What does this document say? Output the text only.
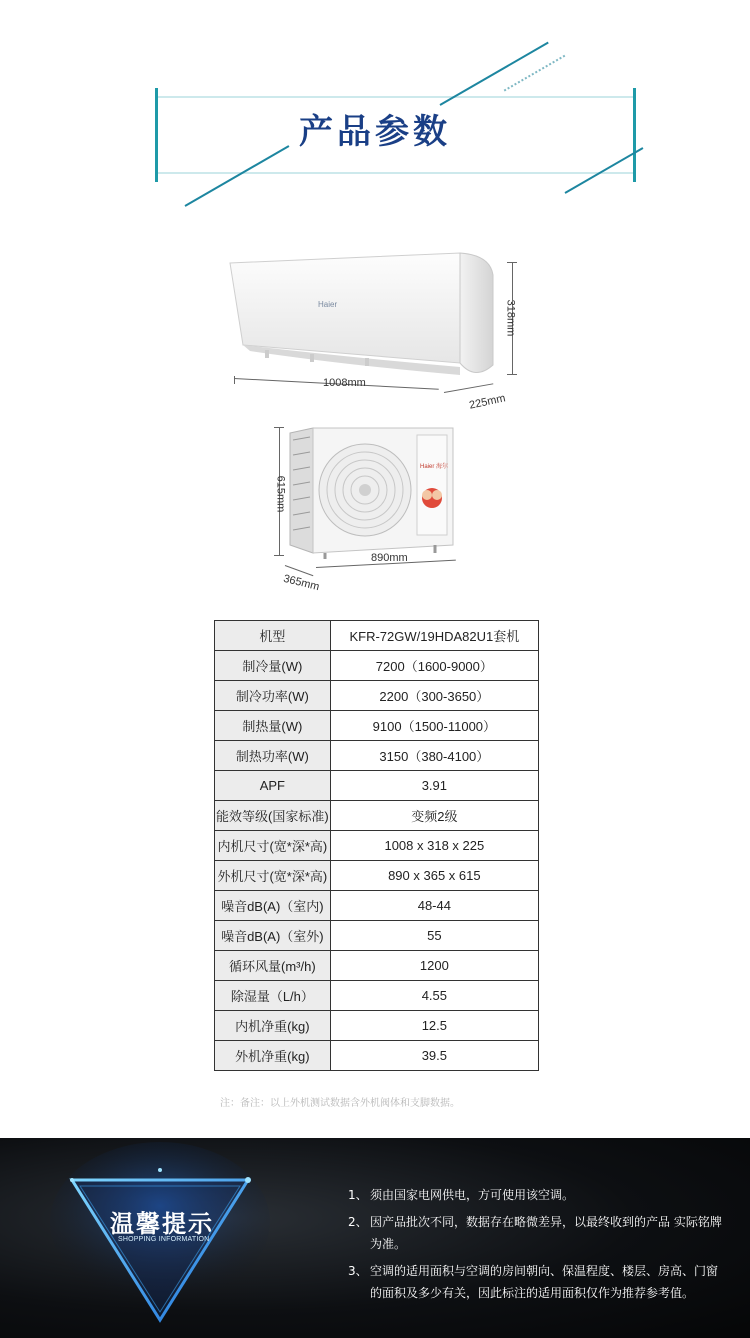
产品参数
Haier	318mm
1008mm
225mm
Haier 海尔
615mm
890mm
365mm
机型	KFR-72GW/19HDA82U1套机
制冷量(W)	7200（1600-9000）
制冷功率(W)	2200（300-3650）
制热量(W)	9100（1500-11000）
制热功率(W)	3150（380-4100）
APF	3.91
能效等级(国家标准)	变频2级
内机尺寸(宽*深*高)	1008 x 318 x 225
外机尺寸(宽*深*高)	890 x 365 x 615
噪音dB(A)（室内)	48-44
噪音dB(A)（室外)	55
循环风量(m³/h)	1200
除湿量（L/h）	4.55
内机净重(kg)	12.5
外机净重(kg)	39.5
注：备注：以上外机测试数据含外机阀体和支脚数据。
温馨提示
SHOPPING INFORMATION
1、 须由国家电网供电，方可使用该空调。
2、 因产品批次不同，数据存在略微差异，以最终收到的产品 实际铭牌为准。
3、 空调的适用面积与空调的房间朝向、保温程度、楼层、房高、门窗的面积及多少有关，因此标注的适用面积仅作为推荐参考值。
